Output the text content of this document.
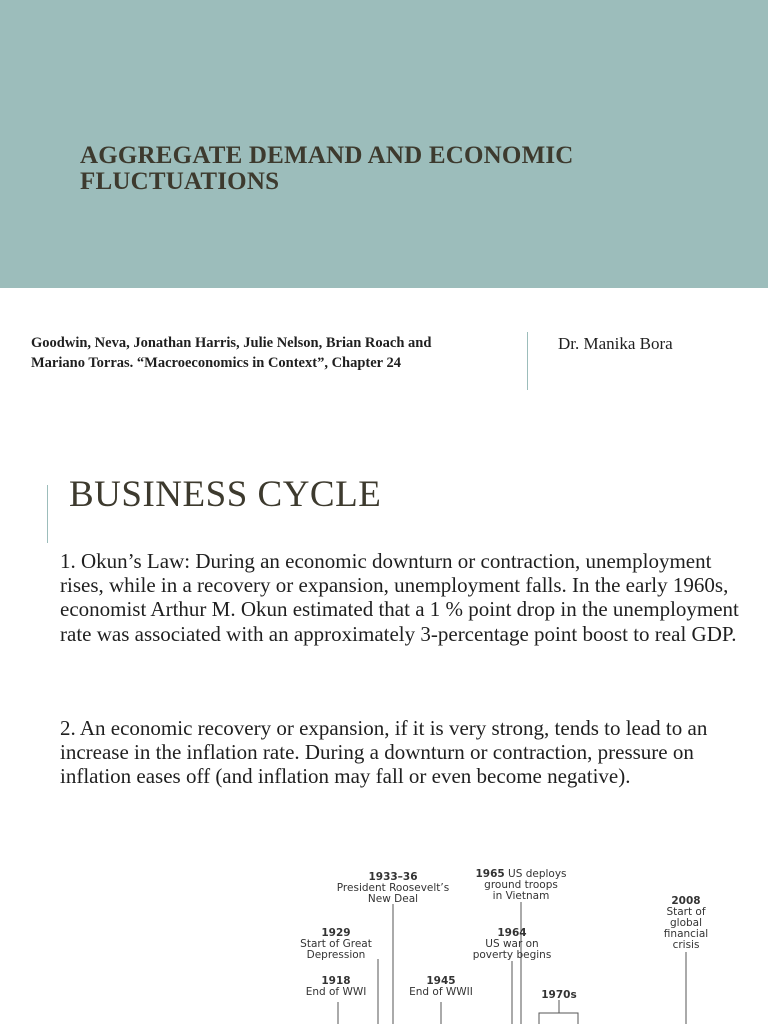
AGGREGATE DEMAND AND ECONOMIC
FLUCTUATIONS

Goodwin, Neva, Jonathan Harris, Julie Nelson, Brian Roach and
Mariano Torras. “Macroeconomics in Context”, Chapter 24

Dr. Manika Bora

BUSINESS CYCLE

1. Okun’s Law: During an economic downturn or contraction, unemployment rises, while in a recovery or expansion, unemployment falls. In the early 1960s, economist Arthur M. Okun estimated that a 1 % point drop in the unemployment rate was associated with an approximately 3-percentage point boost to real GDP.

2. An economic recovery or expansion, if it is very strong, tends to lead to an increase in the inflation rate. During a downturn or contraction, pressure on inflation eases off (and inflation may fall or even become negative).

1933–36
President Roosevelt’s
New Deal
1965 US deploys
ground troops
in Vietnam
1929
Start of Great
Depression
1964
US war on
poverty begins
2008
Start of
global
financial
crisis
1918
End of WWI
1945
End of WWII	1970s
